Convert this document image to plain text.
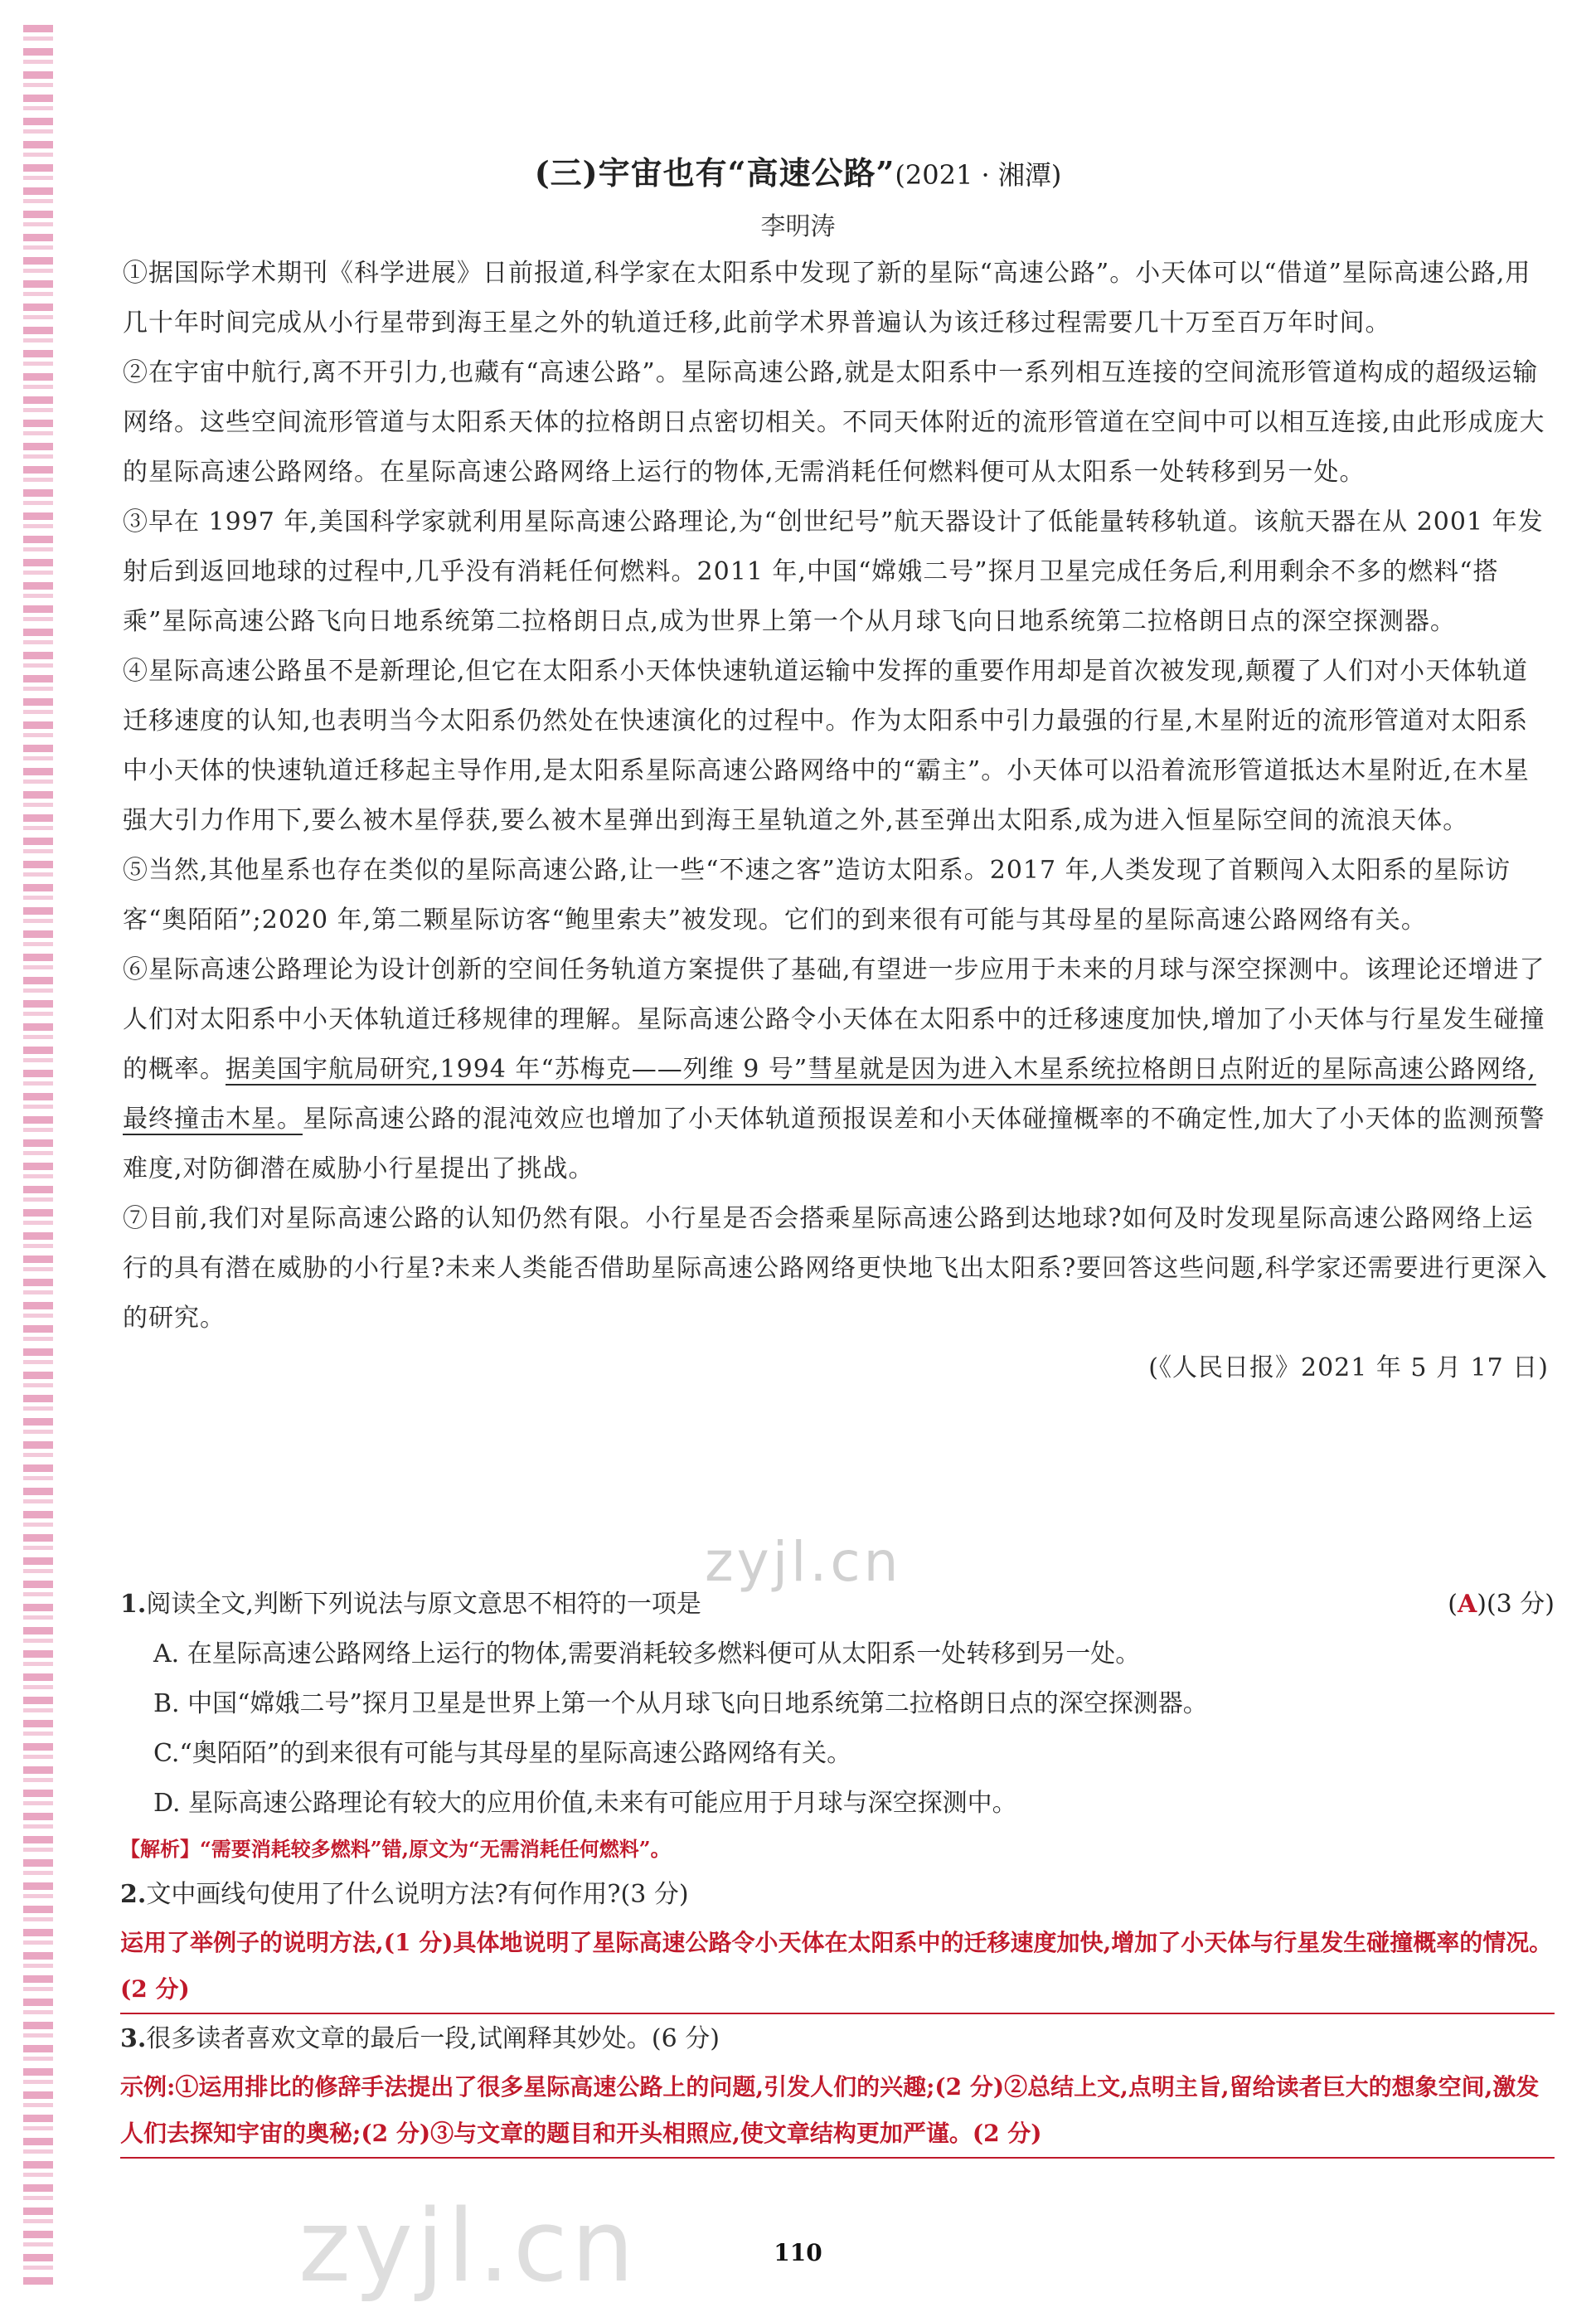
(三)宇宙也有“高速公路”(2021 · 湘潭)
李明涛

①据国际学术期刊《科学进展》日前报道,科学家在太阳系中发现了新的星际“高速公路”。小天体可以“借道”星际高速公路,用几十年时间完成从小行星带到海王星之外的轨道迁移,此前学术界普遍认为该迁移过程需要几十万至百万年时间。

②在宇宙中航行,离不开引力,也藏有“高速公路”。星际高速公路,就是太阳系中一系列相互连接的空间流形管道构成的超级运输网络。这些空间流形管道与太阳系天体的拉格朗日点密切相关。不同天体附近的流形管道在空间中可以相互连接,由此形成庞大的星际高速公路网络。在星际高速公路网络上运行的物体,无需消耗任何燃料便可从太阳系一处转移到另一处。

③早在 1997 年,美国科学家就利用星际高速公路理论,为“创世纪号”航天器设计了低能量转移轨道。该航天器在从 2001 年发射后到返回地球的过程中,几乎没有消耗任何燃料。2011 年,中国“嫦娥二号”探月卫星完成任务后,利用剩余不多的燃料“搭乘”星际高速公路飞向日地系统第二拉格朗日点,成为世界上第一个从月球飞向日地系统第二拉格朗日点的深空探测器。

④星际高速公路虽不是新理论,但它在太阳系小天体快速轨道运输中发挥的重要作用却是首次被发现,颠覆了人们对小天体轨道迁移速度的认知,也表明当今太阳系仍然处在快速演化的过程中。作为太阳系中引力最强的行星,木星附近的流形管道对太阳系中小天体的快速轨道迁移起主导作用,是太阳系星际高速公路网络中的“霸主”。小天体可以沿着流形管道抵达木星附近,在木星强大引力作用下,要么被木星俘获,要么被木星弹出到海王星轨道之外,甚至弹出太阳系,成为进入恒星际空间的流浪天体。

⑤当然,其他星系也存在类似的星际高速公路,让一些“不速之客”造访太阳系。2017 年,人类发现了首颗闯入太阳系的星际访客“奥陌陌”;2020 年,第二颗星际访客“鲍里索夫”被发现。它们的到来很有可能与其母星的星际高速公路网络有关。

⑥星际高速公路理论为设计创新的空间任务轨道方案提供了基础,有望进一步应用于未来的月球与深空探测中。该理论还增进了人们对太阳系中小天体轨道迁移规律的理解。星际高速公路令小天体在太阳系中的迁移速度加快,增加了小天体与行星发生碰撞的概率。据美国宇航局研究,1994 年“苏梅克——列维 9 号”彗星就是因为进入木星系统拉格朗日点附近的星际高速公路网络,最终撞击木星。星际高速公路的混沌效应也增加了小天体轨道预报误差和小天体碰撞概率的不确定性,加大了小天体的监测预警难度,对防御潜在威胁小行星提出了挑战。

⑦目前,我们对星际高速公路的认知仍然有限。小行星是否会搭乘星际高速公路到达地球?如何及时发现星际高速公路网络上运行的具有潜在威胁的小行星?未来人类能否借助星际高速公路网络更快地飞出太阳系?要回答这些问题,科学家还需要进行更深入的研究。

(《人民日报》2021 年 5 月 17 日)

1.阅读全文,判断下列说法与原文意思不相符的一项是	(A)(3 分)
A. 在星际高速公路网络上运行的物体,需要消耗较多燃料便可从太阳系一处转移到另一处。
B. 中国“嫦娥二号”探月卫星是世界上第一个从月球飞向日地系统第二拉格朗日点的深空探测器。
C.“奥陌陌”的到来很有可能与其母星的星际高速公路网络有关。
D. 星际高速公路理论有较大的应用价值,未来有可能应用于月球与深空探测中。
【解析】“需要消耗较多燃料”错,原文为“无需消耗任何燃料”。
2.文中画线句使用了什么说明方法?有何作用?(3 分)
运用了举例子的说明方法,(1 分)具体地说明了星际高速公路令小天体在太阳系中的迁移速度加快,增加了小天体与行星发生碰撞概率的情况。(2 分)
3.很多读者喜欢文章的最后一段,试阐释其妙处。(6 分)
示例:①运用排比的修辞手法提出了很多星际高速公路上的问题,引发人们的兴趣;(2 分)②总结上文,点明主旨,留给读者巨大的想象空间,激发人们去探知宇宙的奥秘;(2 分)③与文章的题目和开头相照应,使文章结构更加严谨。(2 分)
zyjl.cn
zyjl.cn	110
